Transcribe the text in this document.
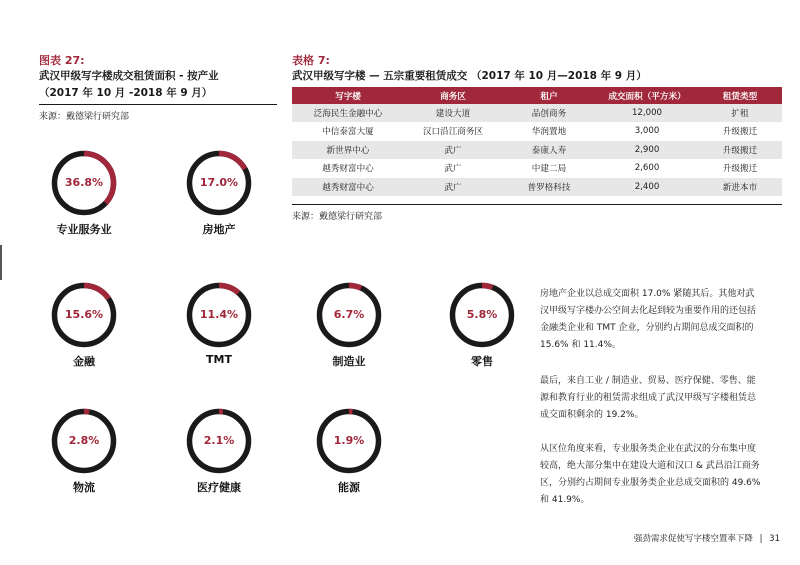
图表 27:
武汉甲级写字楼成交租赁面积 - 按产业
（2017 年 10 月 -2018 年 9 月）
来源：戴德梁行研究部
36.8%
专业服务业
17.0%
房地产
15.6%
金融
11.4%
TMT
6.7%
制造业
5.8%
零售
2.8%
物流
2.1%
医疗健康
1.9%
能源
表格 7:
武汉甲级写字楼 — 五宗重要租赁成交 （2017 年 10 月—2018 年 9 月）
写字楼	商务区	租户	成交面积（平方米）	租赁类型
泛海民生金融中心	建设大道	品创商务	12,000	扩租
中信泰富大厦	汉口沿江商务区	华润置地	3,000	升级搬迁
新世界中心	武广	泰康人寿	2,900	升级搬迁
越秀财富中心	武广	中建二局	2,600	升级搬迁
越秀财富中心	武广	普罗格科技	2,400	新进本市
来源：戴德梁行研究部
房地产企业以总成交面积 17.0% 紧随其后。其他对武
汉甲级写字楼办公空间去化起到较为重要作用的还包括
金融类企业和 TMT 企业，分别约占期间总成交面积的
15.6% 和 11.4%。
最后，来自工业 / 制造业、贸易、医疗保健、零售、能
源和教育行业的租赁需求组成了武汉甲级写字楼租赁总
成交面积剩余的 19.2%。
从区位角度来看，专业服务类企业在武汉的分布集中度
较高，绝大部分集中在建设大道和汉口 & 武昌沿江商务
区，分别约占期间专业服务类企业总成交面积的 49.6%
和 41.9%。
强劲需求促使写字楼空置率下降 | 31
